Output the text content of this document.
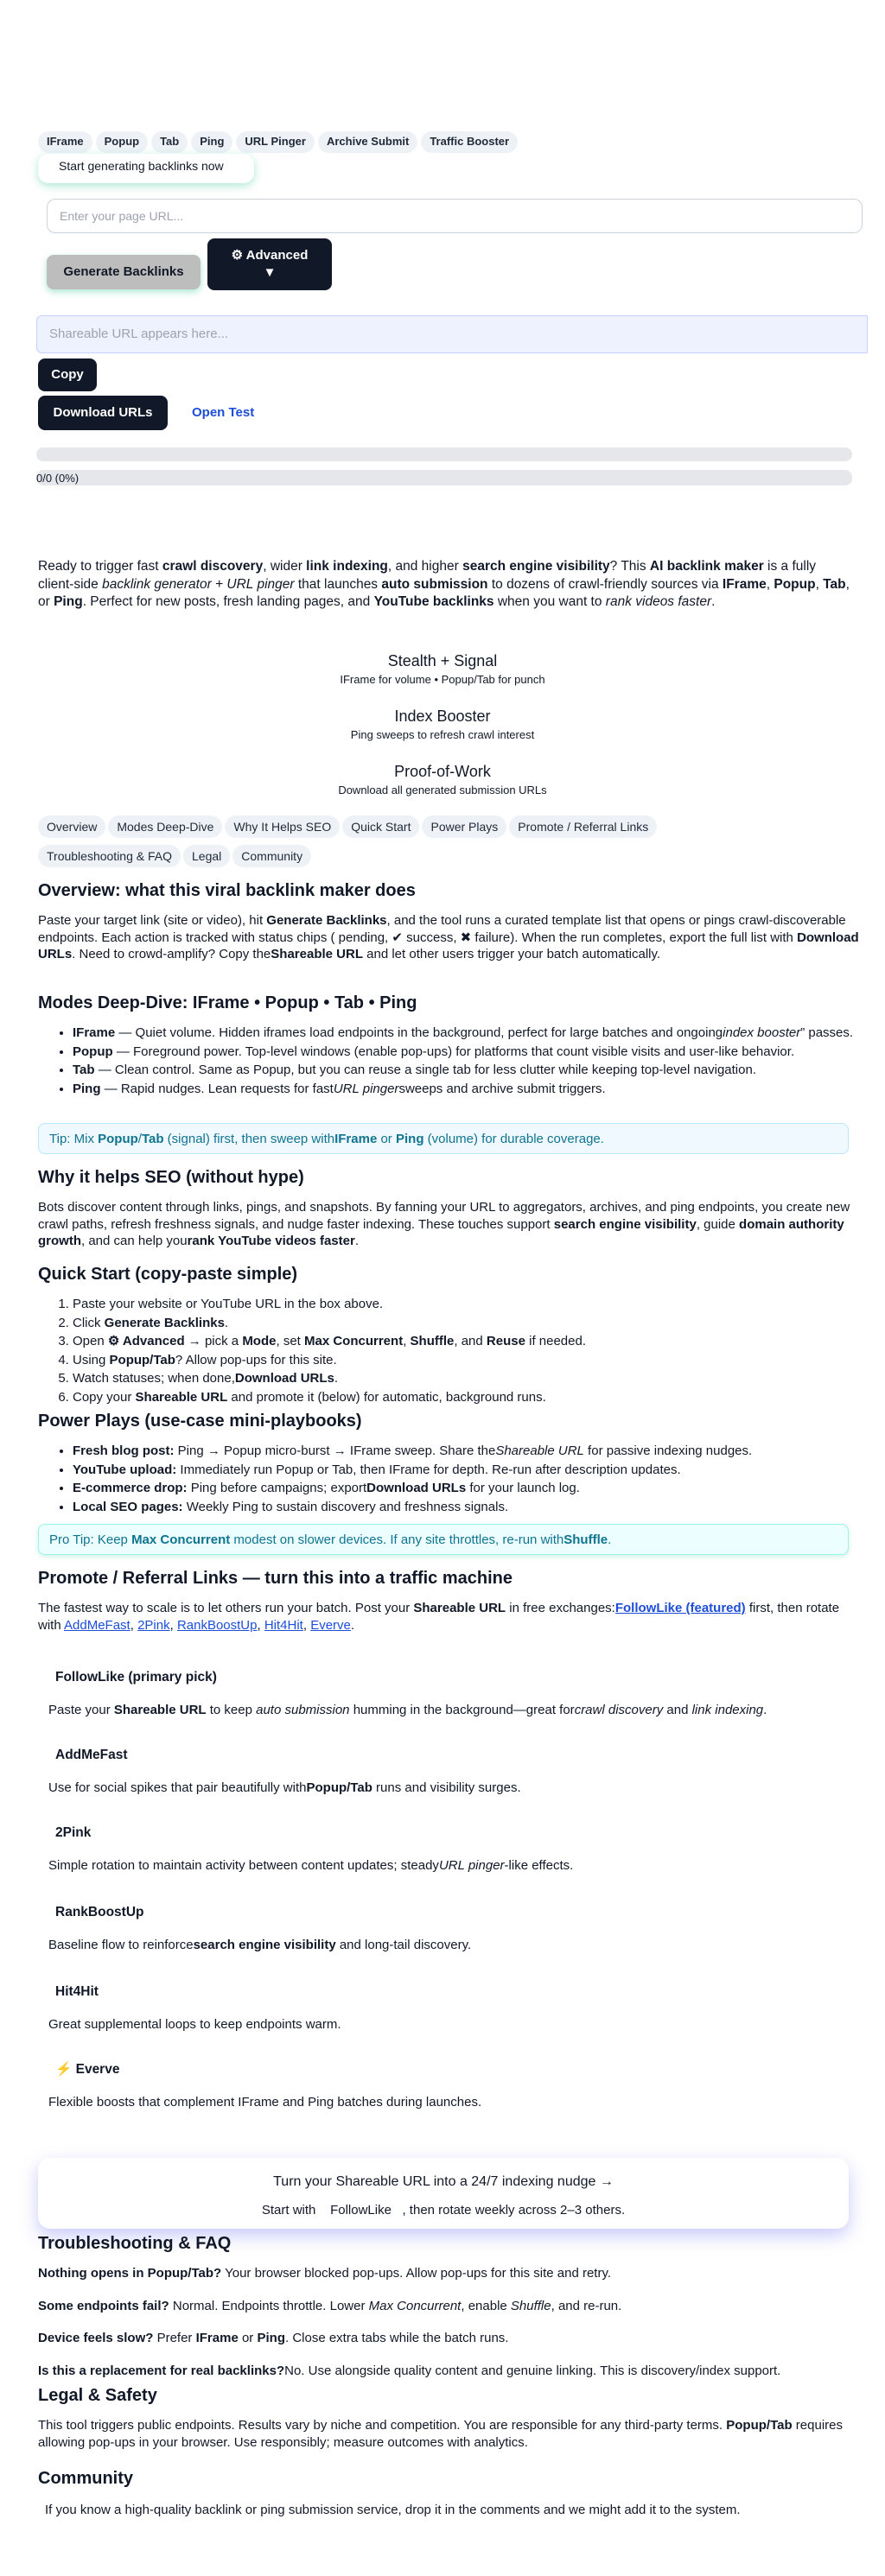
IFrame Popup Tab Ping URL Pinger Archive Submit Traffic Booster
Start generating backlinks now
Enter your page URL...
Generate Backlinks
⚙ Advanced
▼
Shareable URL appears here...
Copy
Download URLs	Open Test
0/0 (0%)
Ready to trigger fast crawl discovery, wider link indexing, and higher search engine visibility? This AI backlink maker is a fully client-side backlink generator + URL pinger that launches auto submission to dozens of crawl-friendly sources via IFrame, Popup, Tab, or Ping. Perfect for new posts, fresh landing pages, and YouTube backlinks when you want to rank videos faster.
Stealth + Signal
IFrame for volume • Popup/Tab for punch
Index Booster
Ping sweeps to refresh crawl interest
Proof-of-Work
Download all generated submission URLs
Overview Modes Deep-Dive Why It Helps SEO Quick Start Power Plays Promote / Referral LinksTroubleshooting & FAQ Legal Community
Overview: what this viral backlink maker does

Paste your target link (site or video), hit Generate Backlinks, and the tool runs a curated template list that opens or pings crawl-discoverable endpoints. Each action is tracked with status chips ( pending, ✔ success, ✖ failure). When the run completes, export the full list with Download URLs. Need to crowd-amplify? Copy theShareable URL and let other users trigger your batch automatically.

Modes Deep-Dive: IFrame • Popup • Tab • Ping
• IFrame — Quiet volume. Hidden iframes load endpoints in the background, perfect for large batches and ongoingindex booster” passes.
• Popup — Foreground power. Top-level windows (enable pop-ups) for platforms that count visible visits and user-like behavior.
• Tab — Clean control. Same as Popup, but you can reuse a single tab for less clutter while keeping top-level navigation.
• Ping — Rapid nudges. Lean requests for fastURL pingersweeps and archive submit triggers.
Tip: Mix Popup/Tab (signal) first, then sweep withIFrame or Ping (volume) for durable coverage.
Why it helps SEO (without hype)

Bots discover content through links, pings, and snapshots. By fanning your URL to aggregators, archives, and ping endpoints, you create new crawl paths, refresh freshness signals, and nudge faster indexing. These touches support search engine visibility, guide domain authority growth, and can help yourank YouTube videos faster.

Quick Start (copy-paste simple)
1. Paste your website or YouTube URL in the box above.
2. Click Generate Backlinks.
3. Open ⚙ Advanced → pick a Mode, set Max Concurrent, Shuffle, and Reuse if needed.
4. Using Popup/Tab? Allow pop-ups for this site.
5. Watch statuses; when done,Download URLs.
6. Copy your Shareable URL and promote it (below) for automatic, background runs.
Power Plays (use-case mini-playbooks)
• Fresh blog post: Ping → Popup micro-burst → IFrame sweep. Share theShareable URL for passive indexing nudges.
• YouTube upload: Immediately run Popup or Tab, then IFrame for depth. Re-run after description updates.
• E-commerce drop: Ping before campaigns; exportDownload URLs for your launch log.
• Local SEO pages: Weekly Ping to sustain discovery and freshness signals.
Pro Tip: Keep Max Concurrent modest on slower devices. If any site throttles, re-run withShuffle.
Promote / Referral Links — turn this into a traffic machine

The fastest way to scale is to let others run your batch. Post your Shareable URL in free exchanges:FollowLike (featured) first, then rotate with AddMeFast, 2Pink, RankBoostUp, Hit4Hit, Everve.

FollowLike (primary pick)
Paste your Shareable URL to keep auto submission humming in the background—great forcrawl discovery and link indexing.
AddMeFast
Use for social spikes that pair beautifully withPopup/Tab runs and visibility surges.
2Pink
Simple rotation to maintain activity between content updates; steadyURL pinger-like effects.
RankBoostUp
Baseline flow to reinforcesearch engine visibility and long-tail discovery.
Hit4Hit
Great supplemental loops to keep endpoints warm.
⚡ Everve
Flexible boosts that complement IFrame and Ping batches during launches.
Turn your Shareable URL into a 24/7 indexing nudge →
Start with    FollowLike , then rotate weekly across 2–3 others.
Troubleshooting & FAQ

Nothing opens in Popup/Tab? Your browser blocked pop-ups. Allow pop-ups for this site and retry.

Some endpoints fail? Normal. Endpoints throttle. Lower Max Concurrent, enable Shuffle, and re-run.

Device feels slow? Prefer IFrame or Ping. Close extra tabs while the batch runs.

Is this a replacement for real backlinks?No. Use alongside quality content and genuine linking. This is discovery/index support.

Legal & Safety

This tool triggers public endpoints. Results vary by niche and competition. You are responsible for any third-party terms. Popup/Tab requires allowing pop-ups in your browser. Use responsibly; measure outcomes with analytics.

Community

If you know a high-quality backlink or ping submission service, drop it in the comments and we might add it to the system.
